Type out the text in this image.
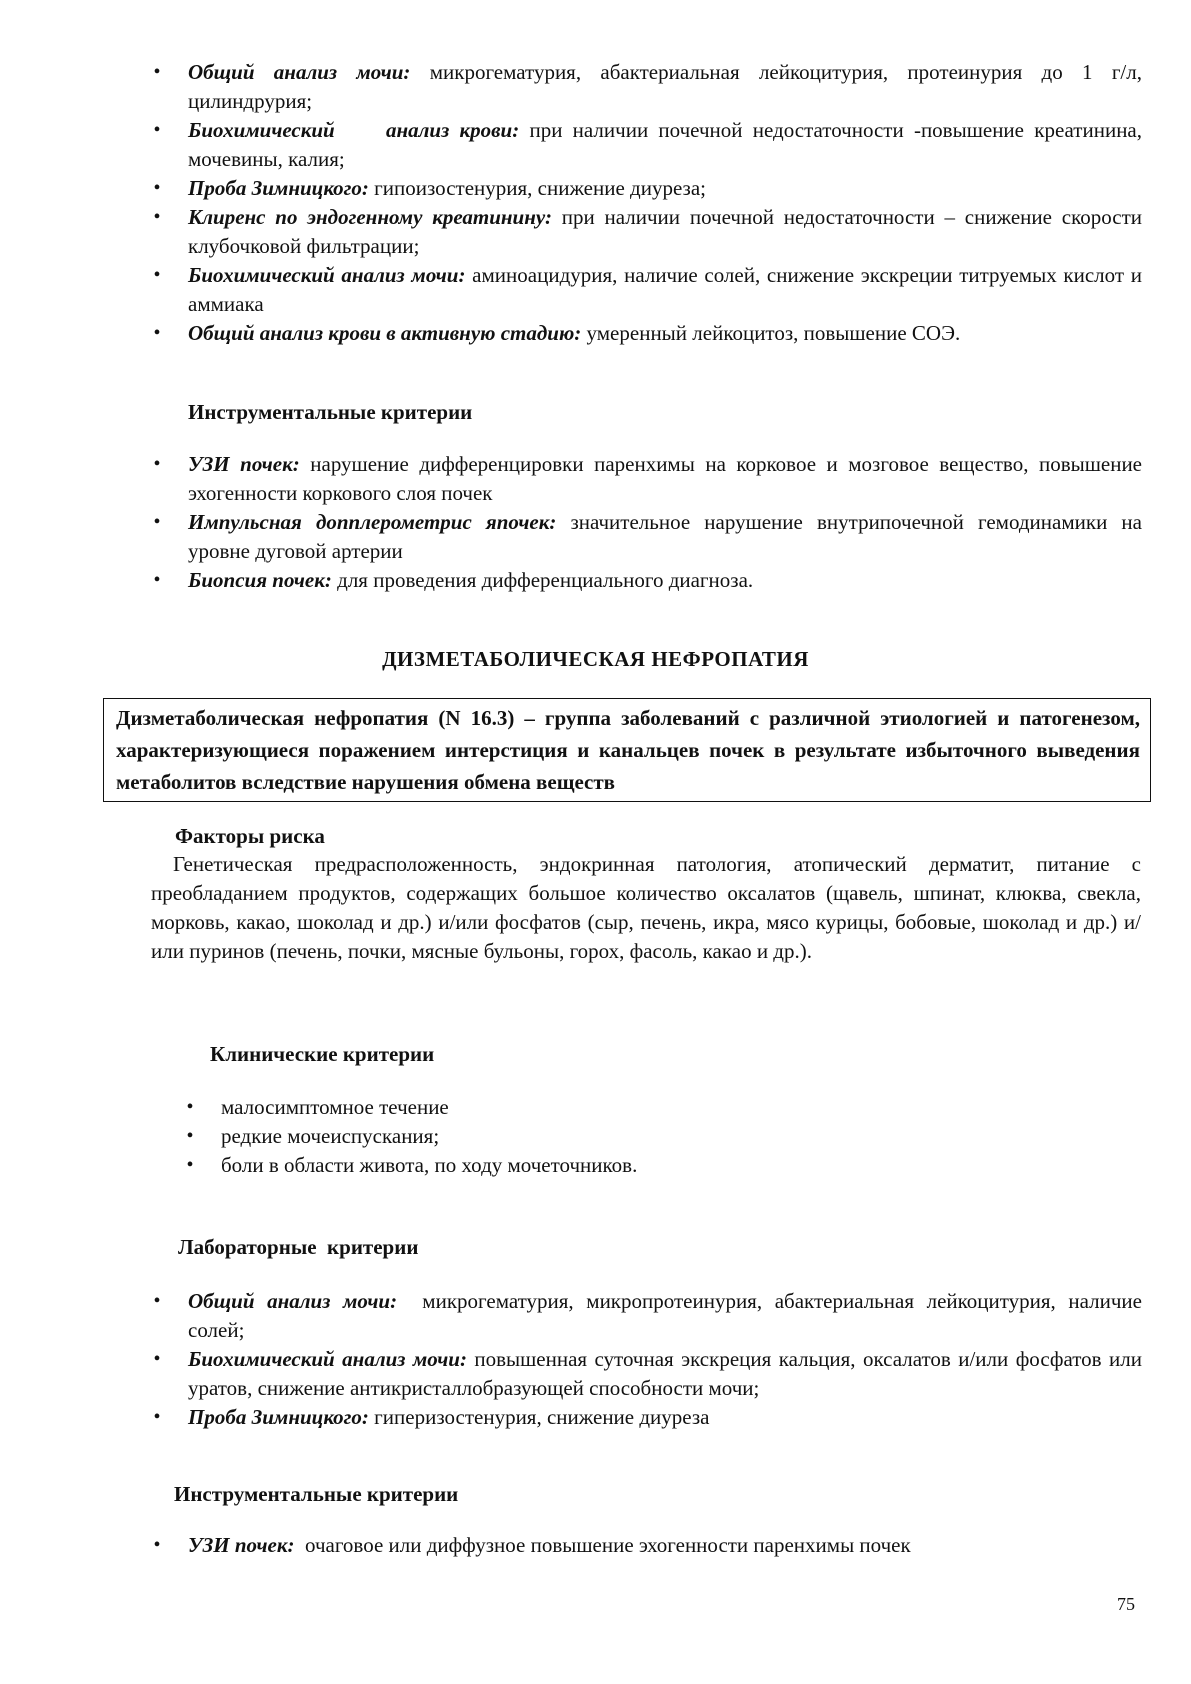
• Общий анализ мочи: микрогематурия, абактериальная лейкоцитурия, протеинурия до 1 г/л, цилиндрурия;
• Биохимический     анализ крови: при наличии почечной недостаточности -повышение креатинина, мочевины, калия;
• Проба Зимницкого: гипоизостенурия, снижение диуреза;
• Клиренс по эндогенному креатинину: при наличии почечной недостаточности – снижение скорости клубочковой фильтрации;
• Биохимический анализ мочи: аминоацидурия, наличие солей, снижение экскреции титруемых кислот и аммиака
• Общий анализ крови в активную стадию: умеренный лейкоцитоз, повышение СОЭ.
Инструментальные критерии
• УЗИ почек: нарушение дифференцировки паренхимы на корковое и мозговое вещество, повышение эхогенности коркового слоя почек
• Импульсная допплерометрис япочек: значительное нарушение внутрипочечной гемодинамики на уровне дуговой артерии
• Биопсия почек: для проведения дифференциального диагноза.
ДИЗМЕТАБОЛИЧЕСКАЯ НЕФРОПАТИЯ
Дизметаболическая нефропатия (N 16.3) – группа заболеваний с различной этиологией и патогенезом, характеризующиеся поражением интерстиция и канальцев почек в результате избыточного выведения метаболитов вследствие нарушения обмена веществ
Факторы риска
Генетическая предрасположенность, эндокринная патология, атопический дерматит, питание с преобладанием продуктов, содержащих большое количество оксалатов (щавель, шпинат, клюква, свекла, морковь, какао, шоколад и др.) и/или фосфатов (сыр, печень, икра, мясо курицы, бобовые, шоколад и др.) и/или пуринов (печень, почки, мясные бульоны, горох, фасоль, какао и др.).
Клинические критерии
• малосимптомное течение
• редкие мочеиспускания;
• боли в области живота, по ходу мочеточников.
Лабораторные  критерии
• Общий анализ мочи:  микрогематурия, микропротеинурия, абактериальная лейкоцитурия, наличие солей;
• Биохимический анализ мочи: повышенная суточная экскреция кальция, оксалатов и/или фосфатов или уратов, снижение антикристаллобразующей способности мочи;
• Проба Зимницкого: гиперизостенурия, снижение диуреза
Инструментальные критерии
• УЗИ почек:  очаговое или диффузное повышение эхогенности паренхимы почек
75
